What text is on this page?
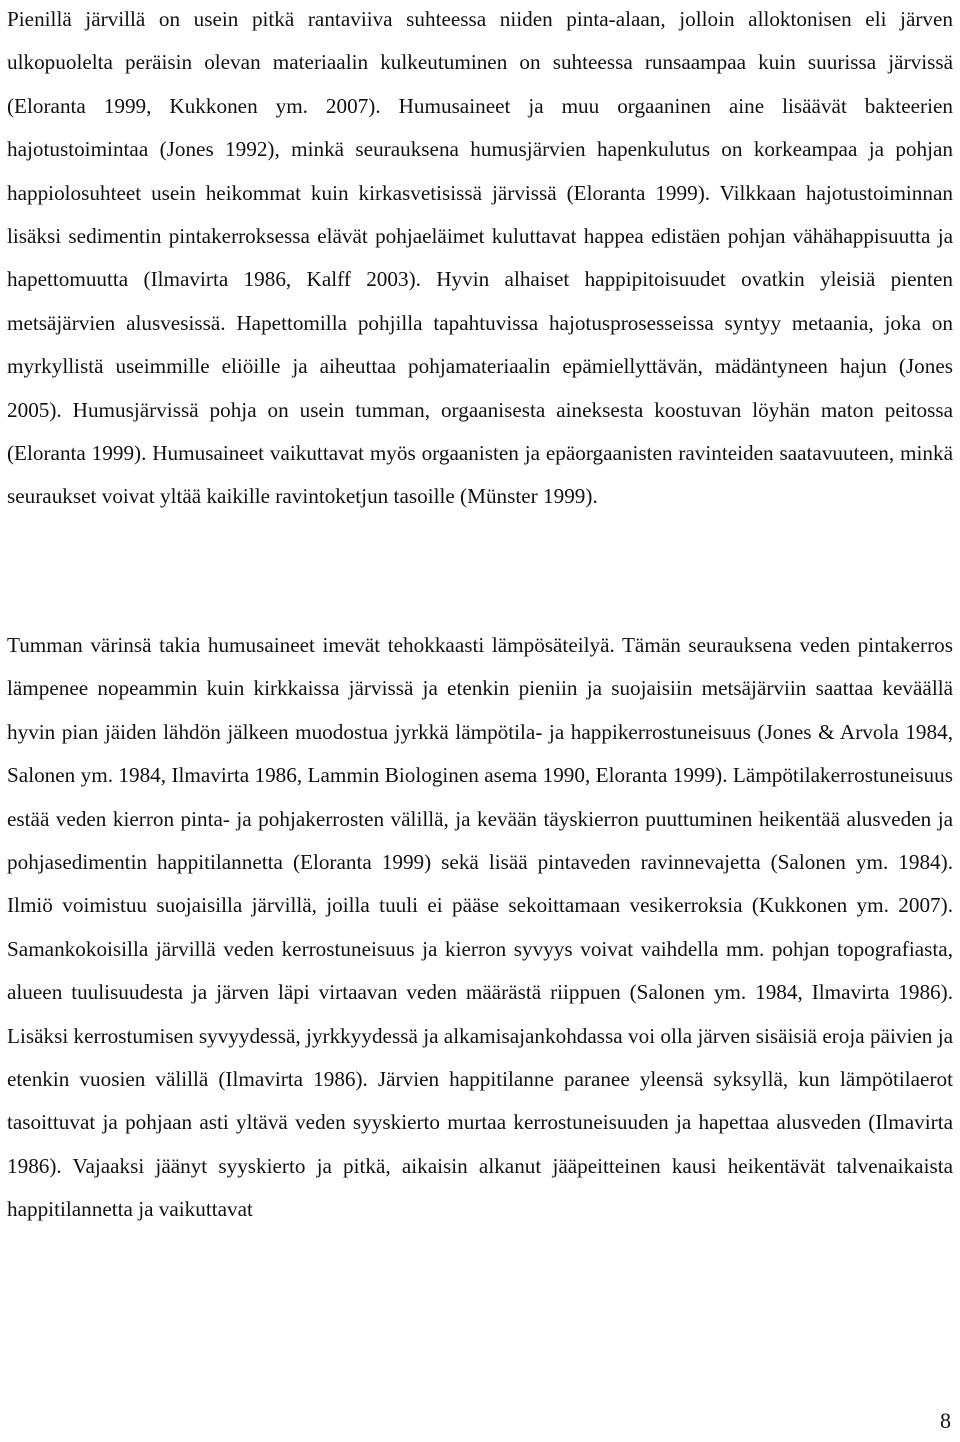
Pienillä järvillä on usein pitkä rantaviiva suhteessa niiden pinta-alaan, jolloin alloktonisen eli järven ulkopuolelta peräisin olevan materiaalin kulkeutuminen on suhteessa runsaampaa kuin suurissa järvissä (Eloranta 1999, Kukkonen ym. 2007). Humusaineet ja muu orgaaninen aine lisäävät bakteerien hajotustoimintaa (Jones 1992), minkä seurauksena humusjärvien hapenkulutus on korkeampaa ja pohjan happiolosuhteet usein heikommat kuin kirkasvetisissä järvissä (Eloranta 1999). Vilkkaan hajotustoiminnan lisäksi sedimentin pintakerroksessa elävät pohjaeläimet kuluttavat happea edistäen pohjan vähähappisuutta ja hapettomuutta (Ilmavirta 1986, Kalff 2003). Hyvin alhaiset happipitoisuudet ovatkin yleisiä pienten metsäjärvien alusvesissä. Hapettomilla pohjilla tapahtuvissa hajotusprosesseissa syntyy metaania, joka on myrkyllistä useimmille eliöille ja aiheuttaa pohjamateriaalin epämiellyttävän, mädäntyneen hajun (Jones 2005). Humusjärvissä pohja on usein tumman, orgaanisesta aineksesta koostuvan löyhän maton peitossa (Eloranta 1999). Humusaineet vaikuttavat myös orgaanisten ja epäorgaanisten ravinteiden saatavuuteen, minkä seuraukset voivat yltää kaikille ravintoketjun tasoille (Münster 1999).

Tumman värinsä takia humusaineet imevät tehokkaasti lämpösäteilyä. Tämän seurauksena veden pintakerros lämpenee nopeammin kuin kirkkaissa järvissä ja etenkin pieniin ja suojaisiin metsäjärviin saattaa keväällä hyvin pian jäiden lähdön jälkeen muodostua jyrkkä lämpötila- ja happikerrostuneisuus (Jones & Arvola 1984, Salonen ym. 1984, Ilmavirta 1986, Lammin Biologinen asema 1990, Eloranta 1999). Lämpötilakerrostuneisuus estää veden kierron pinta- ja pohjakerrosten välillä, ja kevään täyskierron puuttuminen heikentää alusveden ja pohjasedimentin happitilannetta (Eloranta 1999) sekä lisää pintaveden ravinnevajetta (Salonen ym. 1984). Ilmiö voimistuu suojaisilla järvillä, joilla tuuli ei pääse sekoittamaan vesikerroksia (Kukkonen ym. 2007). Samankokoisilla järvillä veden kerrostuneisuus ja kierron syvyys voivat vaihdella mm. pohjan topografiasta, alueen tuulisuudesta ja järven läpi virtaavan veden määrästä riippuen (Salonen ym. 1984, Ilmavirta 1986). Lisäksi kerrostumisen syvyydessä, jyrkkyydessä ja alkamisajankohdassa voi olla järven sisäisiä eroja päivien ja etenkin vuosien välillä (Ilmavirta 1986). Järvien happitilanne paranee yleensä syksyllä, kun lämpötilaerot tasoittuvat ja pohjaan asti yltävä veden syyskierto murtaa kerrostuneisuuden ja hapettaa alusveden (Ilmavirta 1986). Vajaaksi jäänyt syyskierto ja pitkä, aikaisin alkanut jääpeitteinen kausi heikentävät talvenaikaista happitilannetta ja vaikuttavat

8
